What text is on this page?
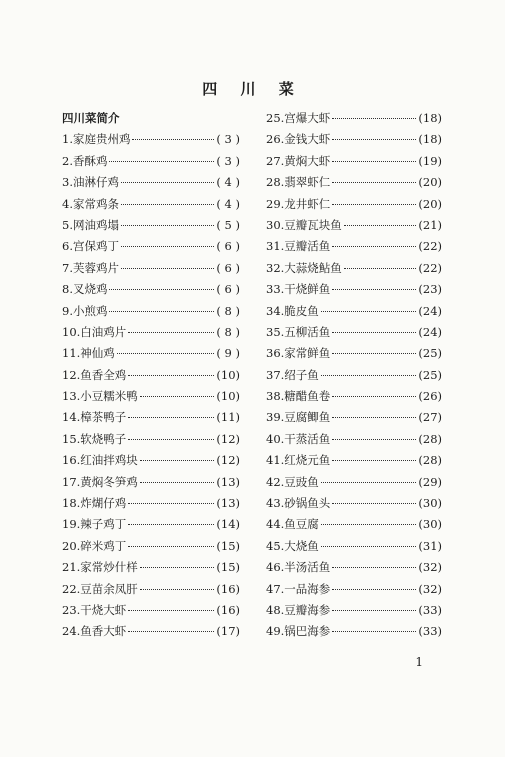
四 川 菜
四川菜简介
1.家庭贵州鸡	( 3 )
2.香酥鸡	( 3 )
3.油淋仔鸡	( 4 )
4.家常鸡条	( 4 )
5.网油鸡塌	( 5 )
6.宫保鸡丁	( 6 )
7.芙蓉鸡片	( 6 )
8.叉烧鸡	( 6 )
9.小煎鸡	( 8 )
10.白油鸡片	( 8 )
11.神仙鸡	( 9 )
12.鱼香全鸡	(10)
13.小豆糯米鸭	(10)
14.樟茶鸭子	(11)
15.软烧鸭子	(12)
16.红油拌鸡块	(12)
17.黄焖冬笋鸡	(13)
18.炸煳仔鸡	(13)
19.辣子鸡丁	(14)
20.碎米鸡丁	(15)
21.家常炒什样	(15)
22.豆苗余凤肝	(16)
23.干烧大虾	(16)
24.鱼香大虾	(17)
25.宫爆大虾	(18)
26.金钱大虾	(18)
27.黄焖大虾	(19)
28.翡翠虾仁	(20)
29.龙井虾仁	(20)
30.豆瓣瓦块鱼	(21)
31.豆瓣活鱼	(22)
32.大蒜烧鲇鱼	(22)
33.干烧鲜鱼	(23)
34.脆皮鱼	(24)
35.五柳活鱼	(24)
36.家常鲜鱼	(25)
37.绍子鱼	(25)
38.糖醋鱼卷	(26)
39.豆腐鲫鱼	(27)
40.干蒸活鱼	(28)
41.红烧元鱼	(28)
42.豆豉鱼	(29)
43.砂锅鱼头	(30)
44.鱼豆腐	(30)
45.大烧鱼	(31)
46.半汤活鱼	(32)
47.一品海参	(32)
48.豆瓣海参	(33)
49.锅巴海参	(33)
1
